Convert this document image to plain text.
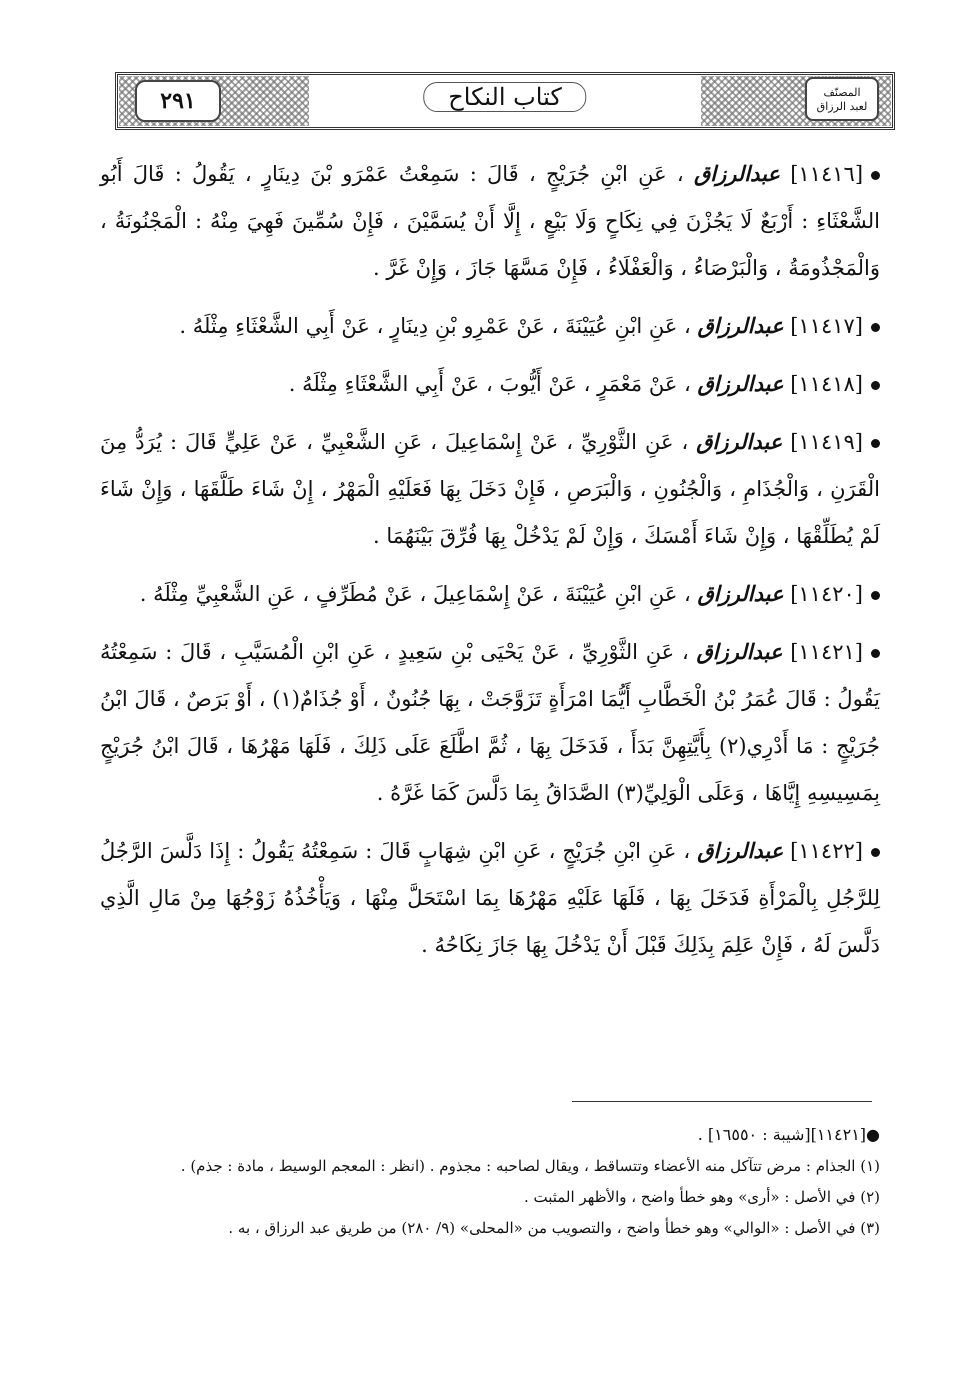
٢٩١	كتاب النكاح	المصنّف
لعبد الرزاق

[١١٤١٦] عبدالرزاق ، عَنِ ابْنِ جُرَيْجٍ ، قَالَ : سَمِعْتُ عَمْرَو بْنَ دِينَارٍ ، يَقُولُ : قَالَ أَبُو الشَّعْثَاءِ : أَرْبَعٌ لَا يَجُزْنَ فِي نِكَاحٍ وَلَا بَيْعٍ ، إِلَّا أَنْ يُسَمَّيْنَ ، فَإِنْ سُمِّينَ فَهِيَ مِنْهُ : الْمَجْنُونَةُ ، وَالْمَجْذُومَةُ ، وَالْبَرْصَاءُ ، وَالْعَفْلَاءُ ، فَإِنْ مَسَّهَا جَازَ ، وَإِنْ غَرَّ .

[١١٤١٧] عبدالرزاق ، عَنِ ابْنِ عُيَيْنَةَ ، عَنْ عَمْرِو بْنِ دِينَارٍ ، عَنْ أَبِي الشَّعْثَاءِ مِثْلَهُ .

[١١٤١٨] عبدالرزاق ، عَنْ مَعْمَرٍ ، عَنْ أَيُّوبَ ، عَنْ أَبِي الشَّعْثَاءِ مِثْلَهُ .

[١١٤١٩] عبدالرزاق ، عَنِ الثَّوْرِيِّ ، عَنْ إِسْمَاعِيلَ ، عَنِ الشَّعْبِيِّ ، عَنْ عَلِيٍّ قَالَ : يُرَدُّ مِنَ الْقَرَنِ ، وَالْجُذَامِ ، وَالْجُنُونِ ، وَالْبَرَصِ ، فَإِنْ دَخَلَ بِهَا فَعَلَيْهِ الْمَهْرُ ، إِنْ شَاءَ طَلَّقَهَا ، وَإِنْ شَاءَ لَمْ يُطَلِّقْهَا ، وَإِنْ شَاءَ أَمْسَكَ ، وَإِنْ لَمْ يَدْخُلْ بِهَا فُرِّقَ بَيْنَهُمَا .

[١١٤٢٠] عبدالرزاق ، عَنِ ابْنِ عُيَيْنَةَ ، عَنْ إِسْمَاعِيلَ ، عَنْ مُطَرِّفٍ ، عَنِ الشَّعْبِيِّ مِثْلَهُ .

[١١٤٢١] عبدالرزاق ، عَنِ الثَّوْرِيِّ ، عَنْ يَحْيَى بْنِ سَعِيدٍ ، عَنِ ابْنِ الْمُسَيَّبِ ، قَالَ : سَمِعْتُهُ يَقُولُ : قَالَ عُمَرُ بْنُ الْخَطَّابِ أَيُّمَا امْرَأَةٍ تَزَوَّجَتْ ، بِهَا جُنُونٌ ، أَوْ جُذَامٌ(١) ، أَوْ بَرَصٌ ، قَالَ ابْنُ جُرَيْجٍ : مَا أَدْرِي(٢) بِأَيَّتِهِنَّ بَدَأَ ، فَدَخَلَ بِهَا ، ثُمَّ اطَّلَعَ عَلَى ذَلِكَ ، فَلَهَا مَهْرُهَا ، قَالَ ابْنُ جُرَيْجٍ بِمَسِيسِهِ إِيَّاهَا ، وَعَلَى الْوَلِيِّ(٣) الصَّدَاقُ بِمَا دَلَّسَ كَمَا غَرَّهُ .

[١١٤٢٢] عبدالرزاق ، عَنِ ابْنِ جُرَيْجٍ ، عَنِ ابْنِ شِهَابٍ قَالَ : سَمِعْتُهُ يَقُولُ : إِذَا دَلَّسَ الرَّجُلُ لِلرَّجُلِ بِالْمَرْأَةِ فَدَخَلَ بِهَا ، فَلَهَا عَلَيْهِ مَهْرُهَا بِمَا اسْتَحَلَّ مِنْهَا ، وَيَأْخُذُهُ زَوْجُهَا مِنْ مَالِ الَّذِي دَلَّسَ لَهُ ، فَإِنْ عَلِمَ بِذَلِكَ قَبْلَ أَنْ يَدْخُلَ بِهَا جَازَ نِكَاحُهُ .

●[١١٤٢١][شيبة : ١٦٥٥٠] .
(١) الجذام : مرض تتآكل منه الأعضاء وتتساقط ، ويقال لصاحبه : مجذوم . (انظر : المعجم الوسيط ، مادة : جذم) .
(٢) في الأصل : «أرى» وهو خطأ واضح ، والأظهر المثبت .
(٣) في الأصل : «الوالي» وهو خطأ واضح ، والتصويب من «المحلى» (٩/ ٢٨٠) من طريق عبد الرزاق ، به .
